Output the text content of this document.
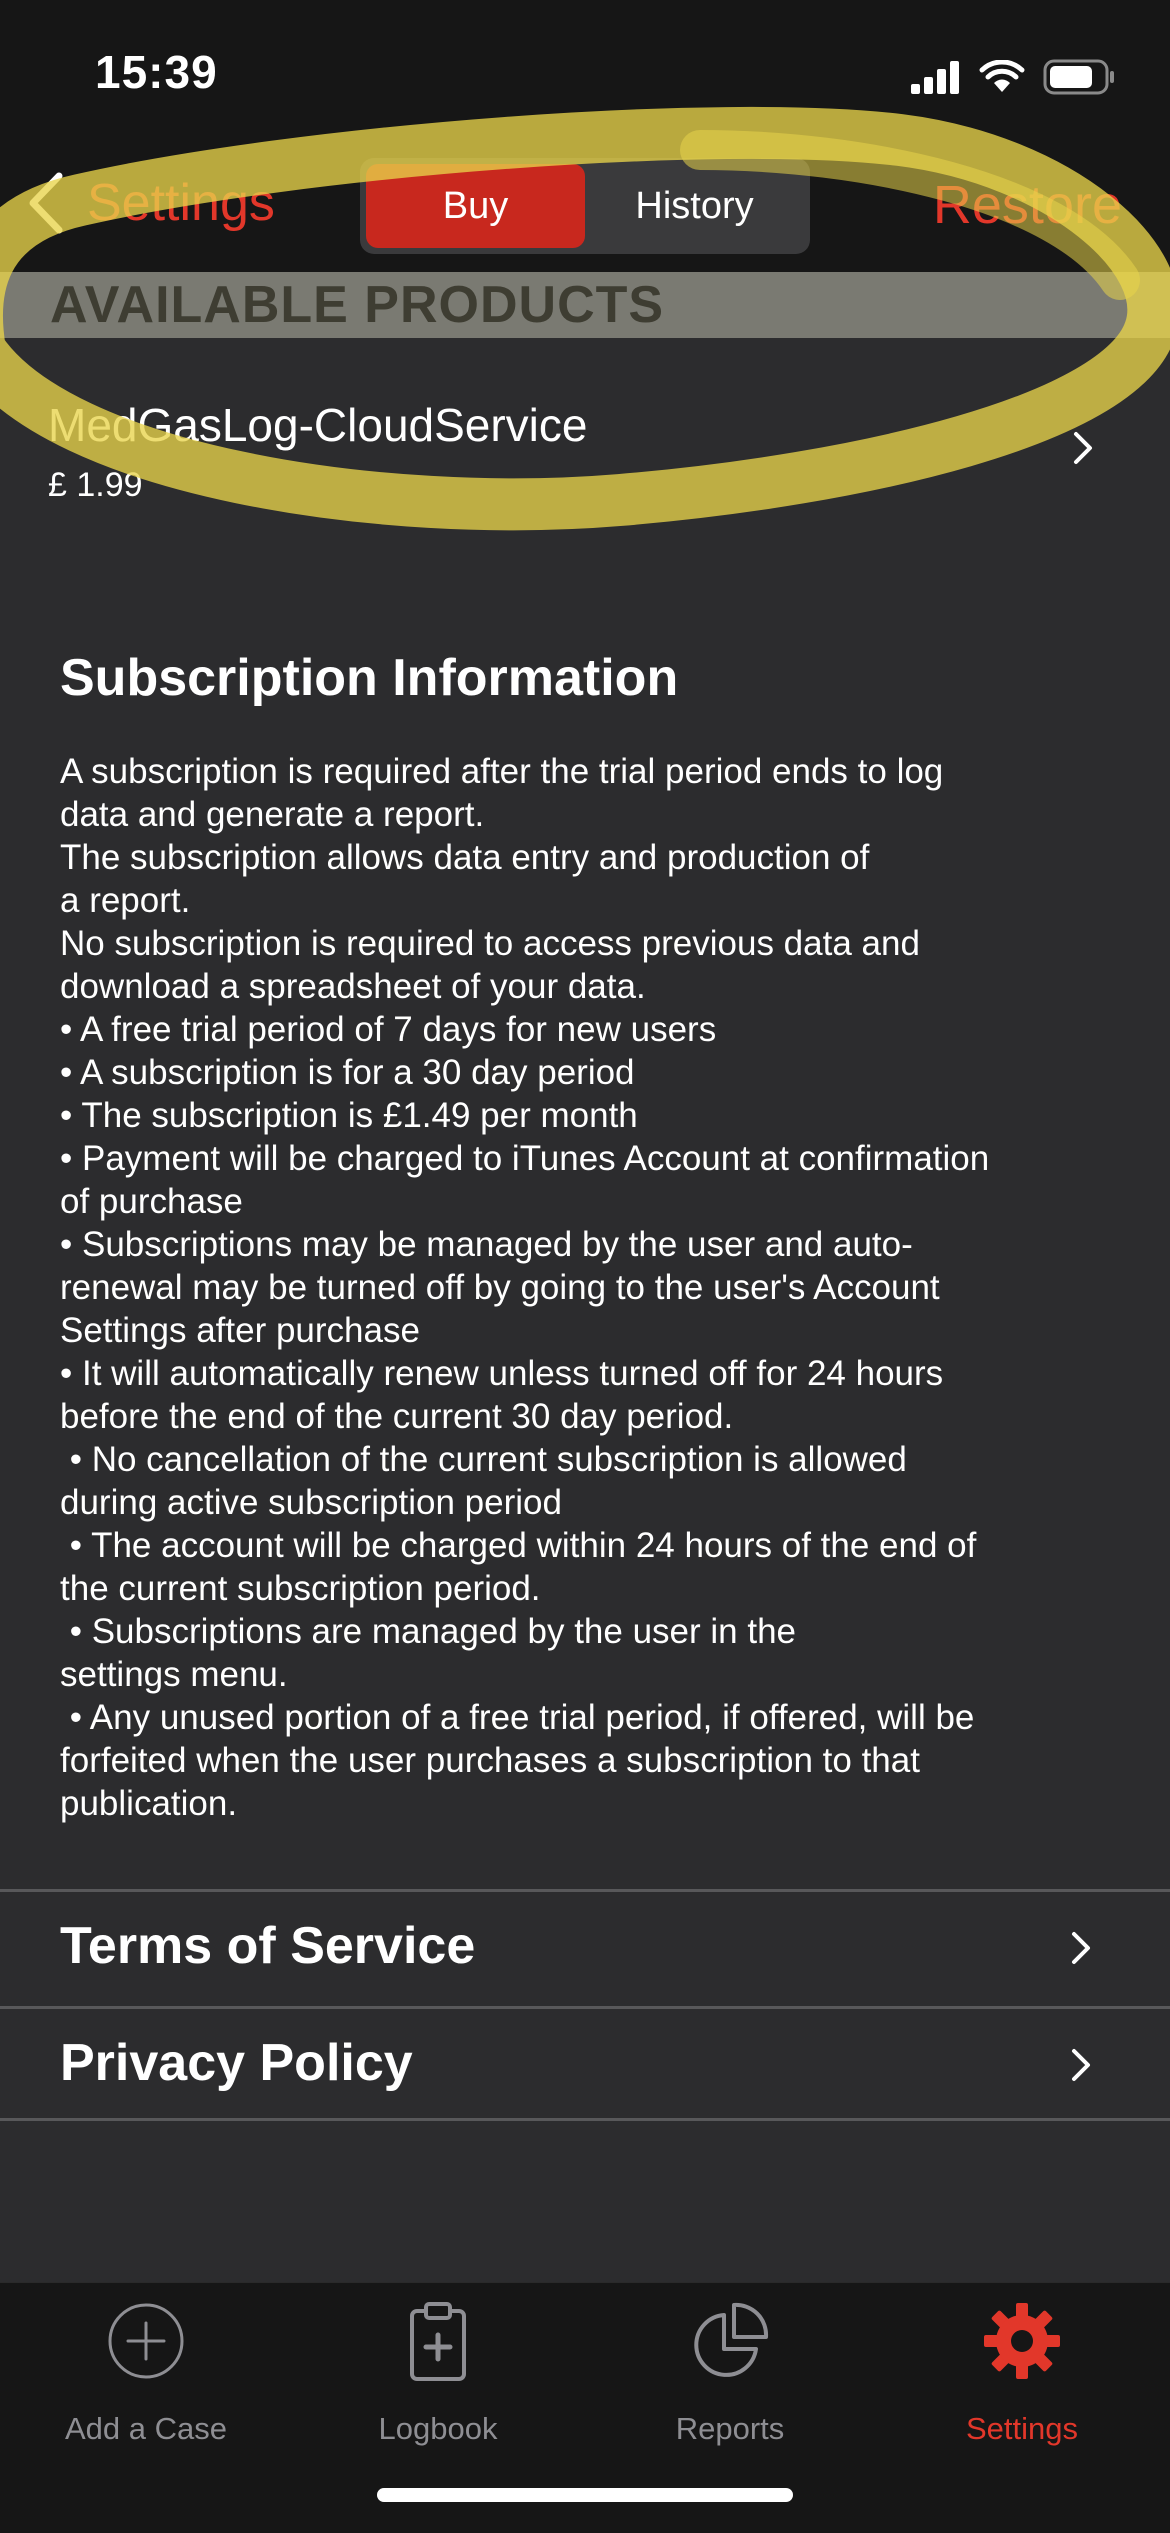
15:39
Settings	Buy	History	Restore
AVAILABLE PRODUCTS
MedGasLog-CloudService
£ 1.99
Subscription Information
A subscription is required after the trial period ends to log
data and generate a report.
The subscription allows data entry and production of
a report.
No subscription is required to access previous data and
download a spreadsheet of your data.
• A free trial period of 7 days for new users
• A subscription is for a 30 day period
• The subscription is £1.49 per month
• Payment will be charged to iTunes Account at confirmation
of purchase
• Subscriptions may be managed by the user and auto-
renewal may be turned off by going to the user's Account
Settings after purchase
• It will automatically renew unless turned off for 24 hours
before the end of the current 30 day period.
• No cancellation of the current subscription is allowed
during active subscription period
• The account will be charged within 24 hours of the end of
the current subscription period.
• Subscriptions are managed by the user in the
settings menu.
• Any unused portion of a free trial period, if offered, will be
forfeited when the user purchases a subscription to that
publication.
Terms of Service
Privacy Policy
Add a Case	Logbook	Reports	Settings
